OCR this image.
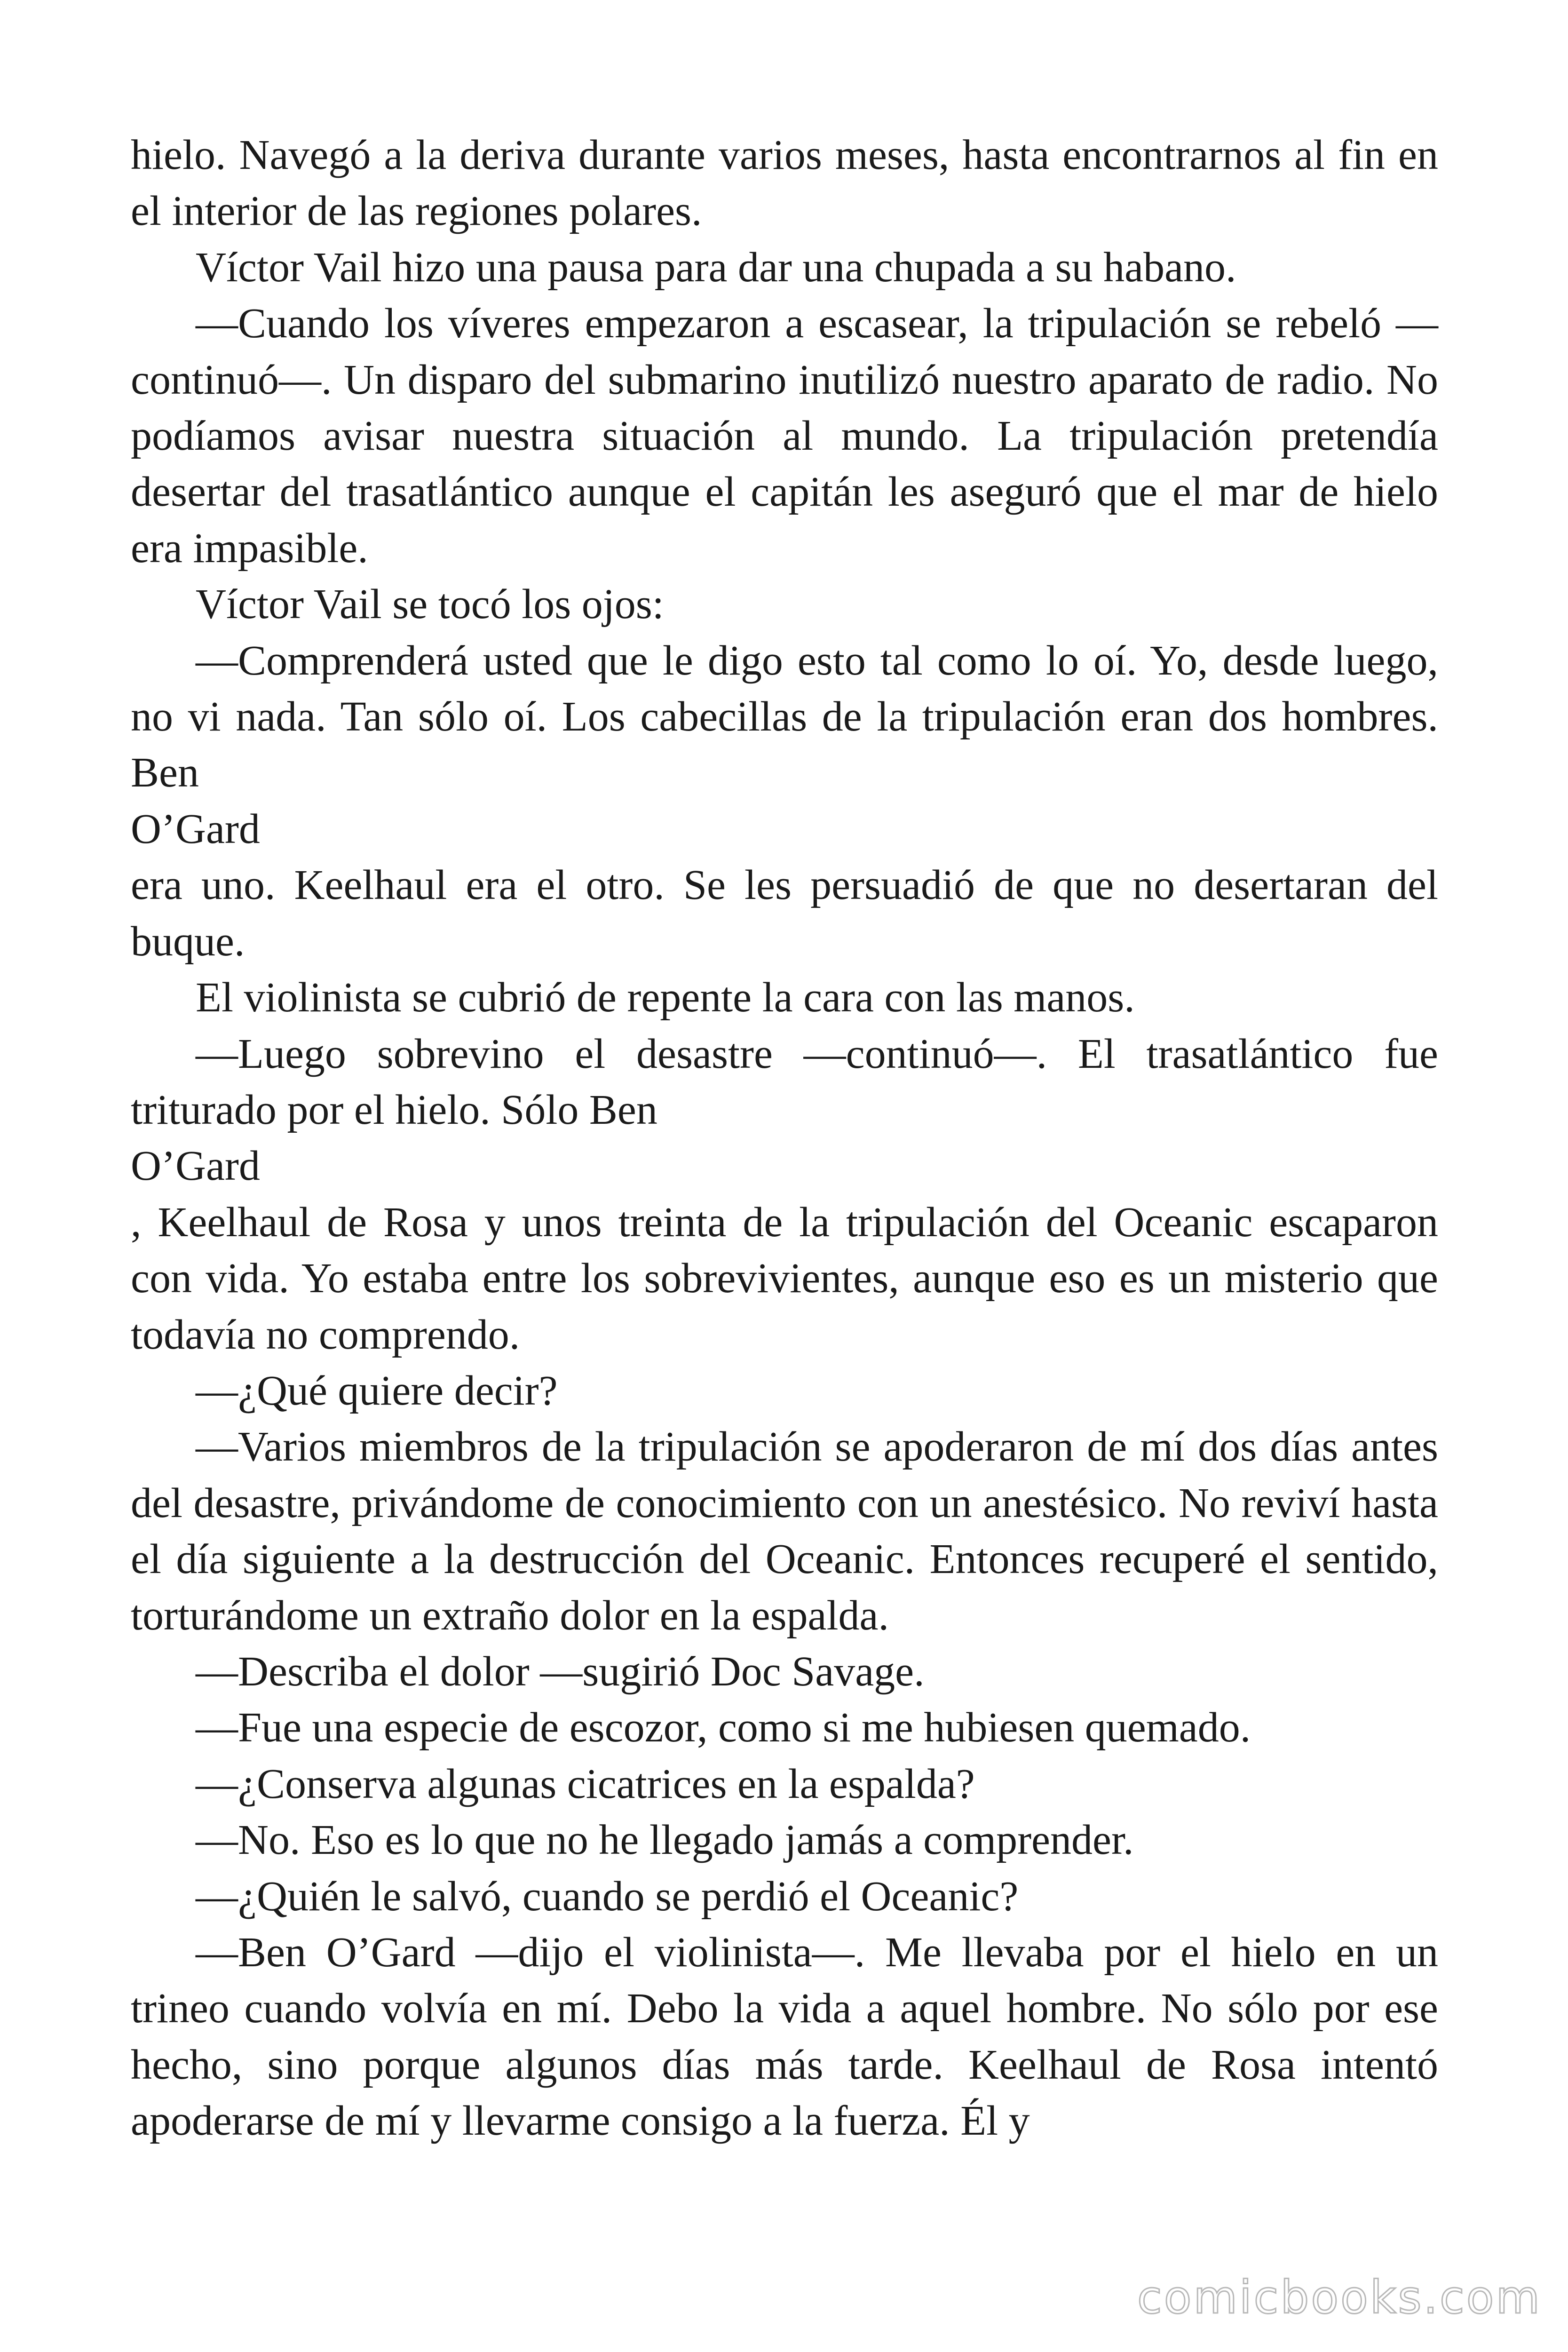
hielo. Navegó a la deriva durante varios meses, hasta encontrarnos al fin en el interior de las regiones polares.

Víctor Vail hizo una pausa para dar una chupada a su habano.

—Cuando los víveres empezaron a escasear, la tripulación se rebeló —continuó—. Un disparo del submarino inutilizó nuestro aparato de radio. No podíamos avisar nuestra situación al mundo. La tripulación pretendía desertar del trasatlántico aunque el capitán les aseguró que el mar de hielo era impasible.

Víctor Vail se tocó los ojos:

—Comprenderá usted que le digo esto tal como lo oí. Yo, desde luego, no vi nada. Tan sólo oí. Los cabecillas de la tripulación eran dos hombres. Ben

O’Gard

era uno. Keelhaul era el otro. Se les persuadió de que no desertaran del buque.

El violinista se cubrió de repente la cara con las manos.

—Luego sobrevino el desastre —continuó—. El trasatlántico fue triturado por el hielo. Sólo Ben

O’Gard

, Keelhaul de Rosa y unos treinta de la tripulación del Oceanic escaparon con vida. Yo estaba entre los sobrevivientes, aunque eso es un misterio que todavía no comprendo.

—¿Qué quiere decir?

—Varios miembros de la tripulación se apoderaron de mí dos días antes del desastre, privándome de conocimiento con un anestésico. No reviví hasta el día siguiente a la destrucción del Oceanic. Entonces recuperé el sentido, torturándome un extraño dolor en la espalda.

—Describa el dolor —sugirió Doc Savage.

—Fue una especie de escozor, como si me hubiesen quemado.

—¿Conserva algunas cicatrices en la espalda?

—No. Eso es lo que no he llegado jamás a comprender.

—¿Quién le salvó, cuando se perdió el Oceanic?

—Ben O’Gard —dijo el violinista—. Me llevaba por el hielo en un trineo cuando volvía en mí. Debo la vida a aquel hombre. No sólo por ese hecho, sino porque algunos días más tarde. Keelhaul de Rosa intentó apoderarse de mí y llevarme consigo a la fuerza. Él y

comicbooks.com
